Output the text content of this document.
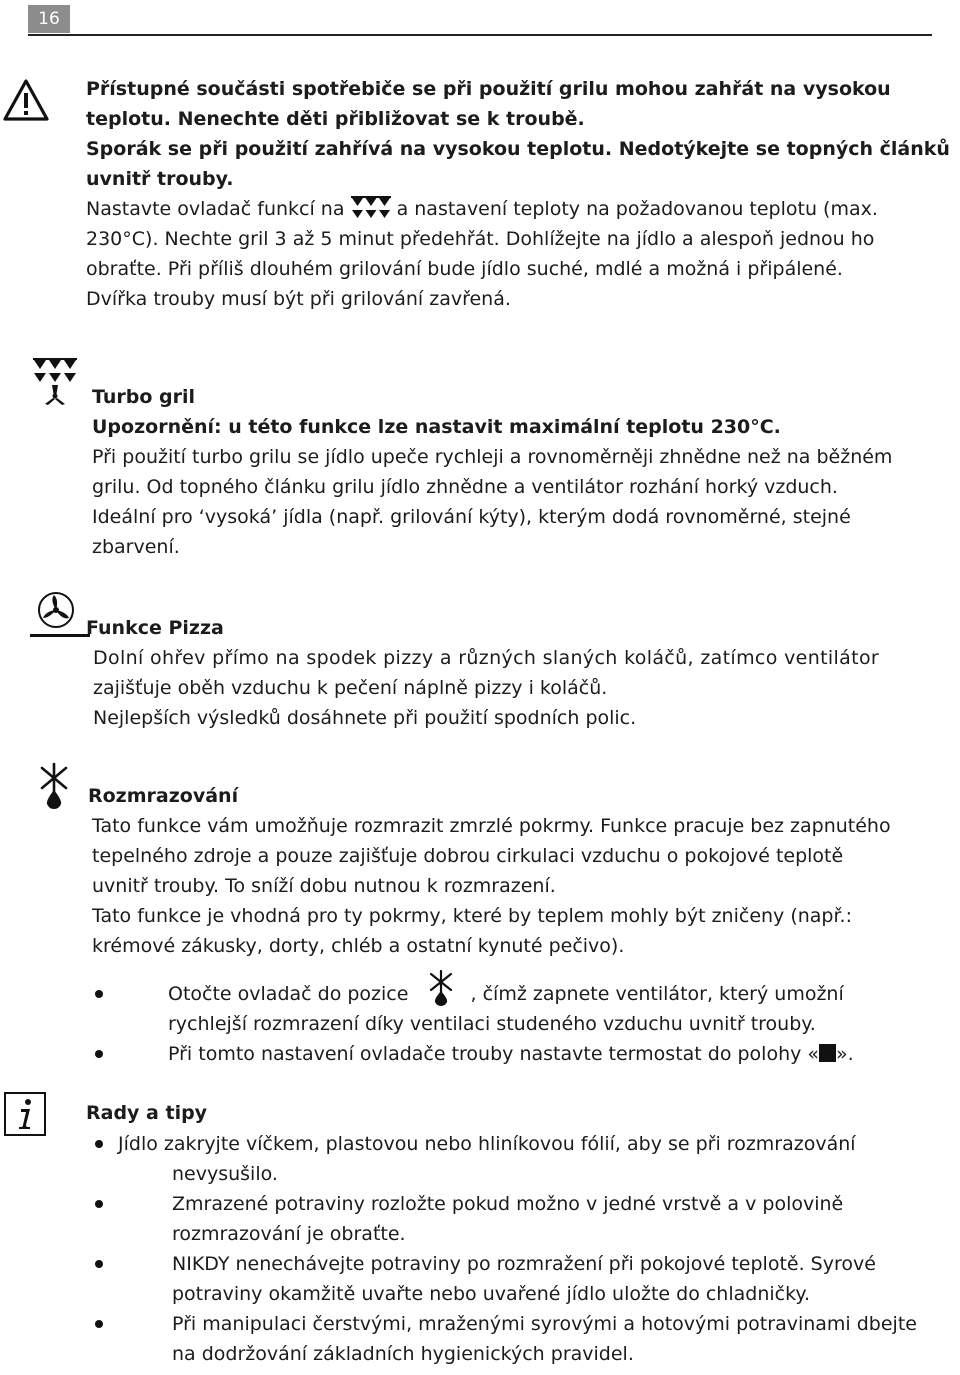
16
Přístupné součásti spotřebiče se při použití grilu mohou zahřát na vysokou
teplotu. Nenechte děti přibližovat se k troubě.
Sporák se při použití zahřívá na vysokou teplotu. Nedotýkejte se topných článků
uvnitř trouby.
Nastavte ovladač funkcí na	a nastavení teploty na požadovanou teplotu (max.
230°C). Nechte gril 3 až 5 minut předehřát. Dohlížejte na jídlo a alespoň jednou ho
obraťte. Při příliš dlouhém grilování bude jídlo suché, mdlé a možná i připálené.
Dvířka trouby musí být při grilování zavřená.
Turbo gril
Upozornění: u této funkce lze nastavit maximální teplotu 230°C.
Při použití turbo grilu se jídlo upeče rychleji a rovnoměrněji zhnědne než na běžném
grilu. Od topného článku grilu jídlo zhnědne a ventilátor rozhání horký vzduch.
Ideální pro ‘vysoká’ jídla (např. grilování kýty), kterým dodá rovnoměrné, stejné
zbarvení.
Funkce Pizza
Dolní ohřev přímo na spodek pizzy a různých slaných koláčů, zatímco ventilátor
zajišťuje oběh vzduchu k pečení náplně pizzy i koláčů.
Nejlepších výsledků dosáhnete při použití spodních polic.
Rozmrazování
Tato funkce vám umožňuje rozmrazit zmrzlé pokrmy. Funkce pracuje bez zapnutého
tepelného zdroje a pouze zajišťuje dobrou cirkulaci vzduchu o pokojové teplotě
uvnitř trouby. To sníží dobu nutnou k rozmrazení.
Tato funkce je vhodná pro ty pokrmy, které by teplem mohly být zničeny (např.:
krémové zákusky, dorty, chléb a ostatní kynuté pečivo).
Otočte ovladač do pozice	, čímž zapnete ventilátor, který umožní
rychlejší rozmrazení díky ventilaci studeného vzduchu uvnitř trouby.
Při tomto nastavení ovladače trouby nastavte termostat do polohy « ».
Rady a tipy
Jídlo zakryjte víčkem, plastovou nebo hliníkovou fólií, aby se při rozmrazování
nevysušilo.
Zmrazené potraviny rozložte pokud možno v jedné vrstvě a v polovině
rozmrazování je obraťte.
NIKDY nenechávejte potraviny po rozmražení při pokojové teplotě. Syrové
potraviny okamžitě uvařte nebo uvařené jídlo uložte do chladničky.
Při manipulaci čerstvými, mraženými syrovými a hotovými potravinami dbejte
na dodržování základních hygienických pravidel.
